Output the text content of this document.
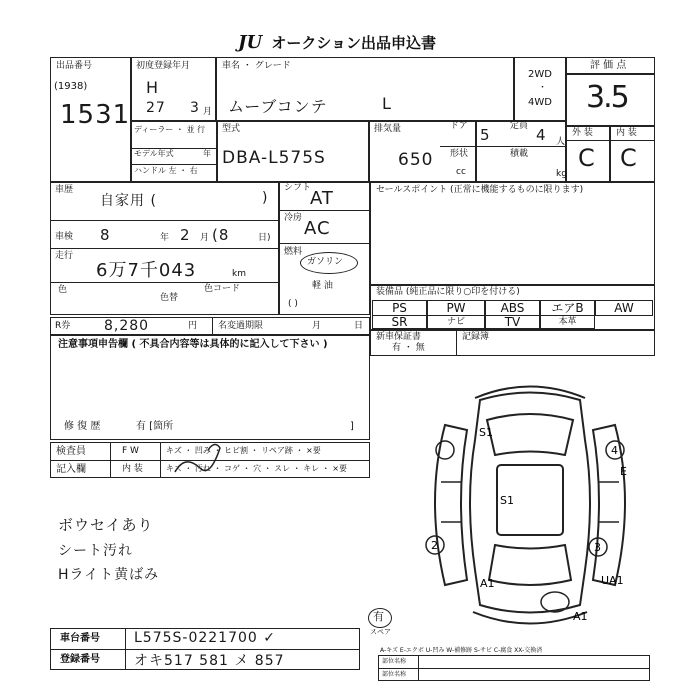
JU オークション出品申込書
出品番号
(1938)
1531
初度登録年月
H
27 3 月
車名 ・ グレード
ムーブコンテ	L
2WD
・
4WD
ディーラー ・ 並 行
モデル年式	年
ハンドル 左 ・ 右
型式
DBA-L575S
排気量
650
cc
ドア 5 定員 4 人
形状	積載
kg
評 価 点
3.5
外 装	内 装
C C
車歴
自家用 (	)
車検 8	年 2 月 (8	日)
走行
6万7千043	km
色
色替
色コード
シフト
AT
冷房 AC
燃料
ガソリン
軽 油
( )
セールスポイント (正常に機能するものに限ります)
装備品 (純正品に限り○印を付ける)
PS	PW	ABS	エアB	AW
SR	ナビ	TV	本革
R券 8,280	円 名変過期限	月	日
新車保証書
有 ・ 無
記録簿
注意事項申告欄 ( 不具合内容等は具体的に記入して下さい )
修 復 歴	有 [箇所	]
検査員
記入欄
F W	キズ ・ 凹み ・ ヒビ割 ・ リペア跡 ・ ×要
内 装	キズ ・ 汚れ ・ コゲ ・ 穴 ・ スレ ・ キレ ・ ×要
ボウセイあり
シート汚れ
Hライト黄ばみ
S1
S1
4
E
2	3
A1	UA1
A1
有
スペア
車台番号 L575S-0221700 ✓
登録番号 オキ517 581 メ 857
A-キズ E-エクボ U-凹み W-補修跡 S-サビ C-腐食 XX-交換済
部位名称
部位名称
